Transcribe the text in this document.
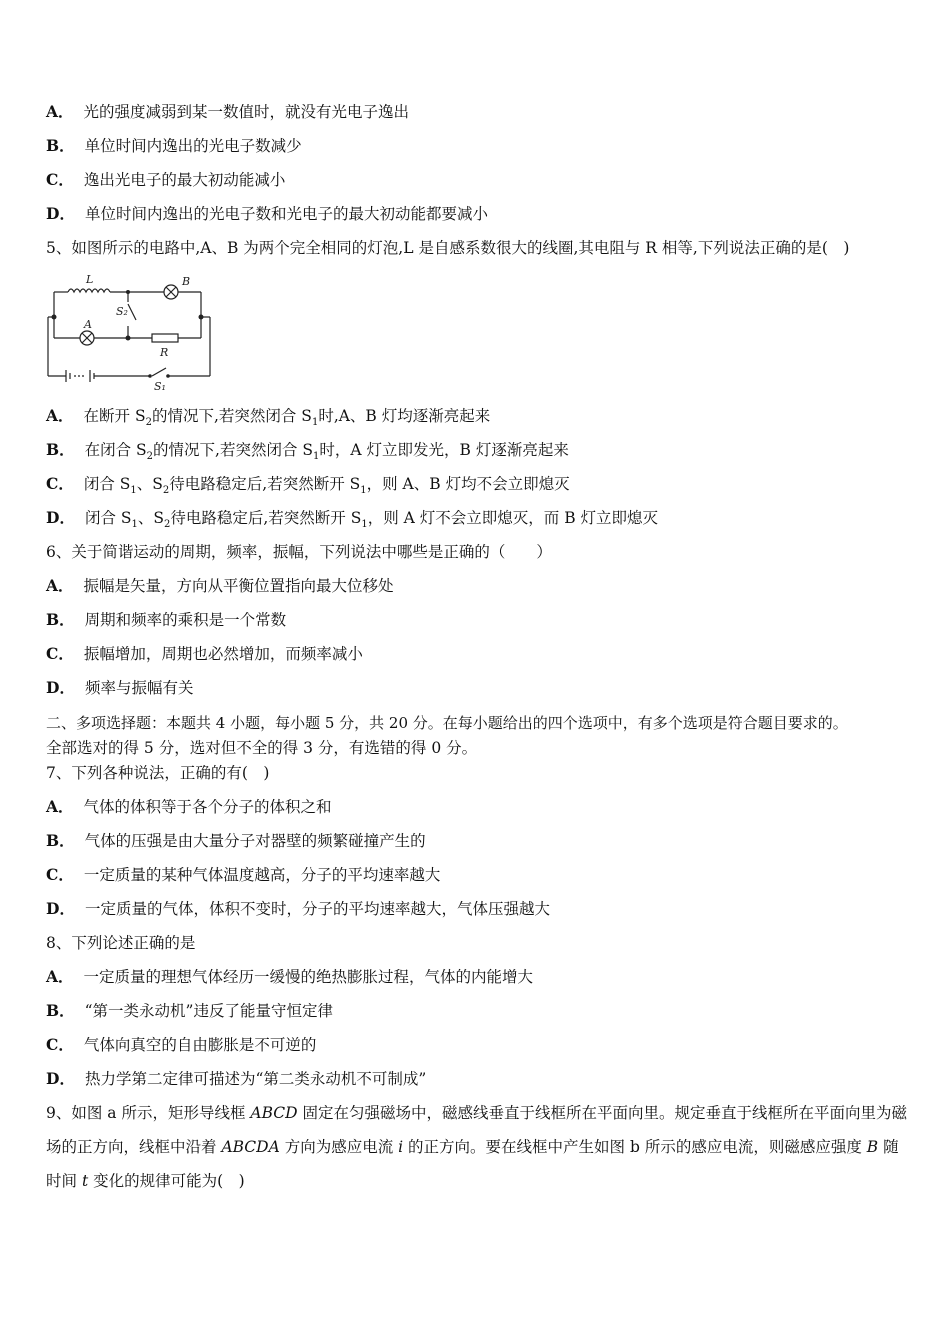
A． 光的强度减弱到某一数值时，就没有光电子逸出
B． 单位时间内逸出的光电子数减少
C． 逸出光电子的最大初动能减小
D． 单位时间内逸出的光电子数和光电子的最大初动能都要减小
5、如图所示的电路中,A、B 为两个完全相同的灯泡,L 是自感系数很大的线圈,其电阻与 R 相等,下列说法正确的是(　)
L	B
S₂
A
R
S₁
A． 在断开 $S_2$的情况下,若突然闭合 $S_1$时,A、B 灯均逐渐亮起来
B． 在闭合 $S_2$的情况下,若突然闭合 $S_1$时，A 灯立即发光，B 灯逐渐亮起来
C． 闭合 $S_1$、$S_2$待电路稳定后,若突然断开 $S_1$，则 A、B 灯均不会立即熄灭
D． 闭合 $S_1$、$S_2$待电路稳定后,若突然断开 $S_1$，则 A 灯不会立即熄灭，而 B 灯立即熄灭
6、关于简谐运动的周期，频率，振幅，下列说法中哪些是正确的（　　）
A． 振幅是矢量，方向从平衡位置指向最大位移处
B． 周期和频率的乘积是一个常数
C． 振幅增加，周期也必然增加，而频率减小
D． 频率与振幅有关
二、多项选择题：本题共 4 小题，每小题 5 分，共 20 分。在每小题给出的四个选项中，有多个选项是符合题目要求的。
全部选对的得 5 分，选对但不全的得 3 分，有选错的得 0 分。
7、下列各种说法，正确的有(　)
A． 气体的体积等于各个分子的体积之和
B． 气体的压强是由大量分子对器壁的频繁碰撞产生的
C． 一定质量的某种气体温度越高，分子的平均速率越大
D． 一定质量的气体，体积不变时，分子的平均速率越大，气体压强越大
8、下列论述正确的是
A． 一定质量的理想气体经历一缓慢的绝热膨胀过程，气体的内能增大
B． “第一类永动机”违反了能量守恒定律
C． 气体向真空的自由膨胀是不可逆的
D． 热力学第二定律可描述为“第二类永动机不可制成”
9、如图 a 所示，矩形导线框 ABCD 固定在匀强磁场中，磁感线垂直于线框所在平面向里。规定垂直于线框所在平面向里为磁场的正方向，线框中沿着 ABCDA 方向为感应电流 i 的正方向。要在线框中产生如图 b 所示的感应电流，则磁感应强度 B 随时间 t 变化的规律可能为(　)
